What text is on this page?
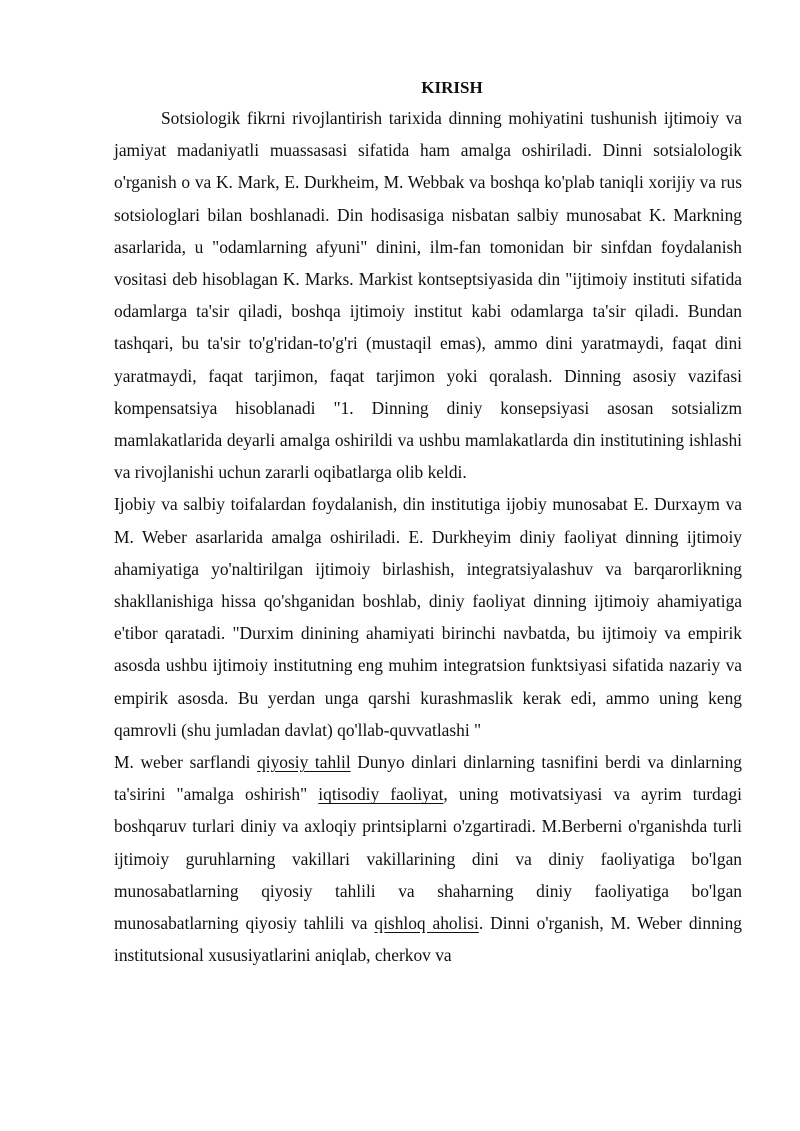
KIRISH

Sotsiologik fikrni rivojlantirish tarixida dinning mohiyatini tushunish ijtimoiy va jamiyat madaniyatli muassasasi sifatida ham amalga oshiriladi. Dinni sotsialologik o'rganish o va K. Mark, E. Durkheim, M. Webbak va boshqa ko'plab taniqli xorijiy va rus sotsiologlari bilan boshlanadi. Din hodisasiga nisbatan salbiy munosabat K. Markning asarlarida, u "odamlarning afyuni" dinini, ilm-fan tomonidan bir sinfdan foydalanish vositasi deb hisoblagan K. Marks. Markist kontseptsiyasida din "ijtimoiy instituti sifatida odamlarga ta'sir qiladi, boshqa ijtimoiy institut kabi odamlarga ta'sir qiladi. Bundan tashqari, bu ta'sir to'g'ridan-to'g'ri (mustaqil emas), ammo dini yaratmaydi, faqat dini yaratmaydi, faqat tarjimon, faqat tarjimon yoki qoralash. Dinning asosiy vazifasi kompensatsiya hisoblanadi "1. Dinning diniy konsepsiyasi asosan sotsializm mamlakatlarida deyarli amalga oshirildi va ushbu mamlakatlarda din institutining ishlashi va rivojlanishi uchun zararli oqibatlarga olib keldi.

Ijobiy va salbiy toifalardan foydalanish, din institutiga ijobiy munosabat E. Durxaym va M. Weber asarlarida amalga oshiriladi. E. Durkheyim diniy faoliyat dinning ijtimoiy ahamiyatiga yo'naltirilgan ijtimoiy birlashish, integratsiyalashuv va barqarorlikning shakllanishiga hissa qo'shganidan boshlab, diniy faoliyat dinning ijtimoiy ahamiyatiga e'tibor qaratadi. "Durxim dinining ahamiyati birinchi navbatda, bu ijtimoiy va empirik asosda ushbu ijtimoiy institutning eng muhim integratsion funktsiyasi sifatida nazariy va empirik asosda. Bu yerdan unga qarshi kurashmaslik kerak edi, ammo uning keng qamrovli (shu jumladan davlat) qo'llab-quvvatlashi "

M. weber sarflandi qiyosiy tahlil Dunyo dinlari dinlarning tasnifini berdi va dinlarning ta'sirini "amalga oshirish" iqtisodiy faoliyat, uning motivatsiyasi va ayrim turdagi boshqaruv turlari diniy va axloqiy printsiplarni o'zgartiradi. M.Berberni o'rganishda turli ijtimoiy guruhlarning vakillari vakillarining dini va diniy faoliyatiga bo'lgan munosabatlarning qiyosiy tahlili va shaharning diniy faoliyatiga bo'lgan munosabatlarning qiyosiy tahlili va qishloq aholisi. Dinni o'rganish, M. Weber dinning institutsional xususiyatlarini aniqlab, cherkov va
